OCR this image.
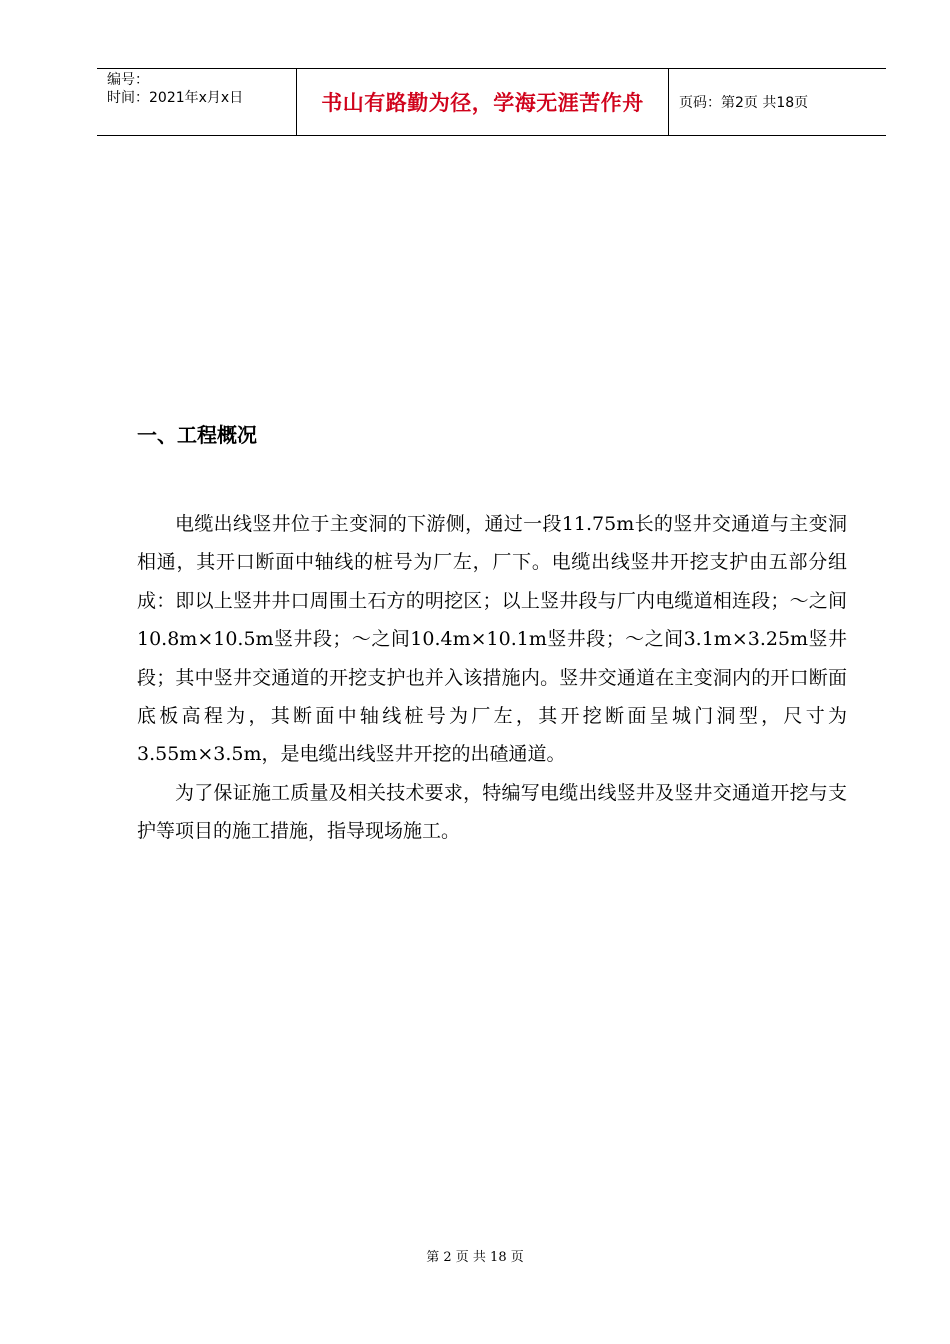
编号：
时间：2021年x月x日	书山有路勤为径，学海无涯苦作舟	页码：第2页 共18页
一、工程概况

电缆出线竖井位于主变洞的下游侧，通过一段11.75m长的竖井交通道与主变洞相通，其开口断面中轴线的桩号为厂左，厂下。电缆出线竖井开挖支护由五部分组成：即以上竖井井口周围土石方的明挖区；以上竖井段与厂内电缆道相连段；～之间10.8m×10.5m竖井段；～之间10.4m×10.1m竖井段；～之间3.1m×3.25m竖井段；其中竖井交通道的开挖支护也并入该措施内。竖井交通道在主变洞内的开口断面底板高程为，其断面中轴线桩号为厂左，其开挖断面呈城门洞型，尺寸为3.55m×3.5m，是电缆出线竖井开挖的出碴通道。

为了保证施工质量及相关技术要求，特编写电缆出线竖井及竖井交通道开挖与支护等项目的施工措施，指导现场施工。

第 2 页 共 18 页
